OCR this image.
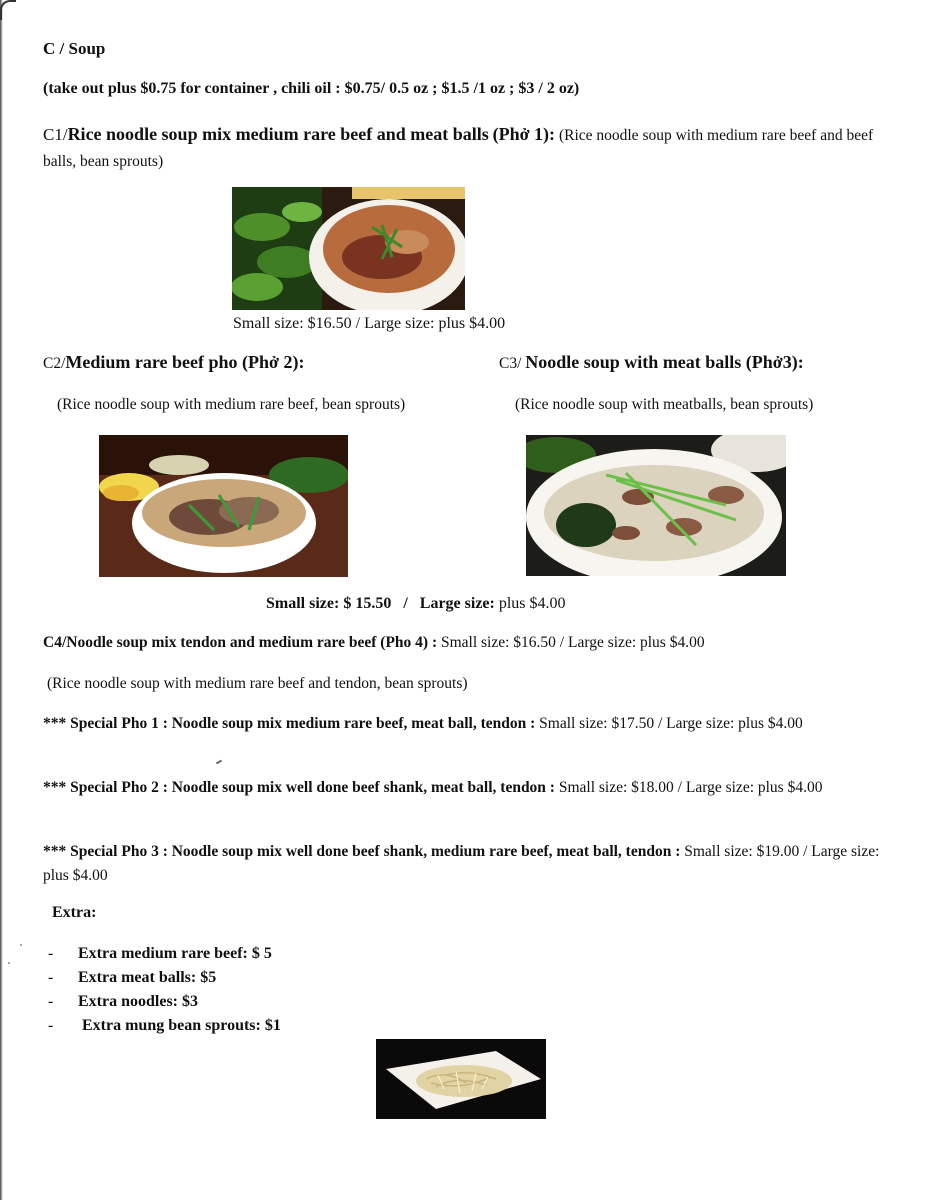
C / Soup
(take out plus $0.75 for container , chili oil : $0.75/ 0.5 oz ; $1.5 /1 oz ; $3 / 2 oz)
C1/Rice noodle soup mix medium rare beef and meat balls (Phở 1): (Rice noodle soup with medium rare beef and beef balls, bean sprouts)
Small size: $16.50 / Large size: plus $4.00
C2/Medium rare beef pho (Phở 2):	C3/ Noodle soup with meat balls (Phở3):
(Rice noodle soup with medium rare beef, bean sprouts)	(Rice noodle soup with meatballs, bean sprouts)
Small size: $ 15.50 / Large size: plus $4.00
C4/Noodle soup mix tendon and medium rare beef (Pho 4) : Small size: $16.50 / Large size: plus $4.00
(Rice noodle soup with medium rare beef and tendon, bean sprouts)
*** Special Pho 1 : Noodle soup mix medium rare beef, meat ball, tendon : Small size: $17.50 / Large size: plus $4.00
*** Special Pho 2 : Noodle soup mix well done beef shank, meat ball, tendon : Small size: $18.00 / Large size: plus $4.00
*** Special Pho 3 : Noodle soup mix well done beef shank, medium rare beef, meat ball, tendon : Small size: $19.00 / Large size: plus $4.00
Extra:
- Extra medium rare beef: $ 5
- Extra meat balls: $5
- Extra noodles: $3
- Extra mung bean sprouts: $1
